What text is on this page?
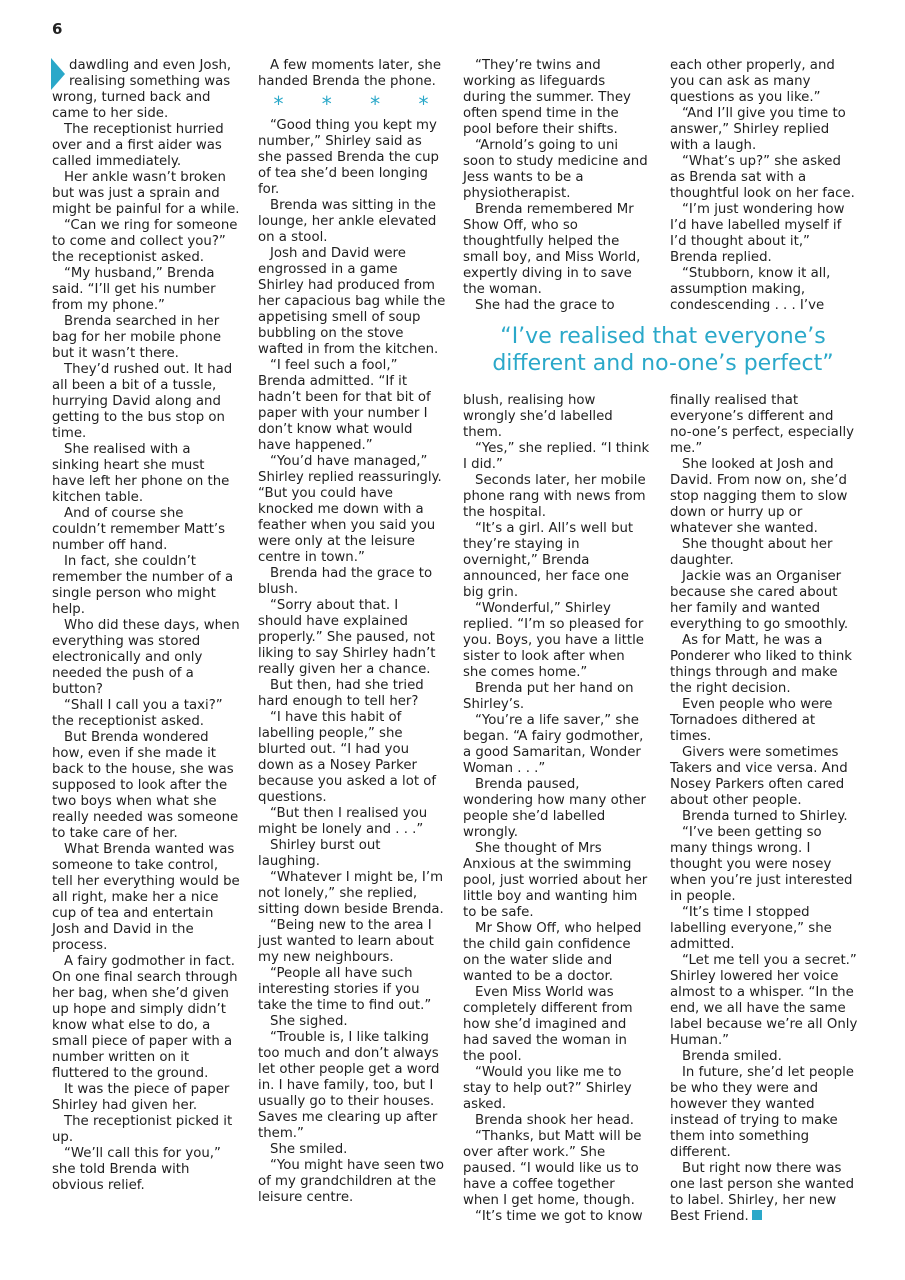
6

dawdling and even Josh, realising something was wrong, turned back and came to her side.

The receptionist hurried over and a first aider was called immediately.

Her ankle wasn’t broken but was just a sprain and might be painful for a while.

“Can we ring for someone to come and collect you?” the receptionist asked.

“My husband,” Brenda said. “I’ll get his number from my phone.”

Brenda searched in her bag for her mobile phone but it wasn’t there.

They’d rushed out. It had all been a bit of a tussle, hurrying David along and getting to the bus stop on time.

She realised with a sinking heart she must have left her phone on the kitchen table.

And of course she couldn’t remember Matt’s number off hand.

In fact, she couldn’t remember the number of a single person who might help.

Who did these days, when everything was stored electronically and only needed the push of a button?

“Shall I call you a taxi?” the receptionist asked.

But Brenda wondered how, even if she made it back to the house, she was supposed to look after the two boys when what she really needed was someone to take care of her.

What Brenda wanted was someone to take control, tell her everything would be all right, make her a nice cup of tea and entertain Josh and David in the process.

A fairy godmother in fact. On one final search through her bag, when she’d given up hope and simply didn’t know what else to do, a small piece of paper with a number written on it fluttered to the ground.

It was the piece of paper Shirley had given her.

The receptionist picked it up.

“We’ll call this for you,” she told Brenda with obvious relief.

A few moments later, she handed Brenda the phone.

* * * *

“Good thing you kept my number,” Shirley said as she passed Brenda the cup of tea she’d been longing for.

Brenda was sitting in the lounge, her ankle elevated on a stool.

Josh and David were engrossed in a game Shirley had produced from her capacious bag while the appetising smell of soup bubbling on the stove wafted in from the kitchen.

“I feel such a fool,” Brenda admitted. “If it hadn’t been for that bit of paper with your number I don’t know what would have happened.”

“You’d have managed,” Shirley replied reassuringly. “But you could have knocked me down with a feather when you said you were only at the leisure centre in town.”

Brenda had the grace to blush.

“Sorry about that. I should have explained properly.” She paused, not liking to say Shirley hadn’t really given her a chance.

But then, had she tried hard enough to tell her?

“I have this habit of labelling people,” she blurted out. “I had you down as a Nosey Parker because you asked a lot of questions.

“But then I realised you might be lonely and . . .”

Shirley burst out laughing.

“Whatever I might be, I’m not lonely,” she replied, sitting down beside Brenda.

“Being new to the area I just wanted to learn about my new neighbours.

“People all have such interesting stories if you take the time to find out.”

She sighed.

“Trouble is, I like talking too much and don’t always let other people get a word in. I have family, too, but I usually go to their houses. Saves me clearing up after them.”

She smiled.

“You might have seen two of my grandchildren at the leisure centre.

“They’re twins and working as lifeguards during the summer. They often spend time in the pool before their shifts.

“Arnold’s going to uni soon to study medicine and Jess wants to be a physiotherapist.

Brenda remembered Mr Show Off, who so thoughtfully helped the small boy, and Miss World, expertly diving in to save the woman.

She had the grace to

each other properly, and you can ask as many questions as you like.”

“And I’ll give you time to answer,” Shirley replied with a laugh.

“What’s up?” she asked as Brenda sat with a thoughtful look on her face.

“I’m just wondering how I’d have labelled myself if I’d thought about it,” Brenda replied.

“Stubborn, know it all, assumption making, condescending . . . I’ve

“I’ve realised that everyone’s different and no-one’s perfect”

blush, realising how wrongly she’d labelled them.

“Yes,” she replied. “I think I did.”

Seconds later, her mobile phone rang with news from the hospital.

“It’s a girl. All’s well but they’re staying in overnight,” Brenda announced, her face one big grin.

“Wonderful,” Shirley replied. “I’m so pleased for you. Boys, you have a little sister to look after when she comes home.”

Brenda put her hand on Shirley’s.

“You’re a life saver,” she began. “A fairy godmother, a good Samaritan, Wonder Woman . . .”

Brenda paused, wondering how many other people she’d labelled wrongly.

She thought of Mrs Anxious at the swimming pool, just worried about her little boy and wanting him to be safe.

Mr Show Off, who helped the child gain confidence on the water slide and wanted to be a doctor.

Even Miss World was completely different from how she’d imagined and had saved the woman in the pool.

“Would you like me to stay to help out?” Shirley asked.

Brenda shook her head.

“Thanks, but Matt will be over after work.” She paused. “I would like us to have a coffee together when I get home, though.

“It’s time we got to know

finally realised that everyone’s different and no-one’s perfect, especially me.”

She looked at Josh and David. From now on, she’d stop nagging them to slow down or hurry up or whatever she wanted.

She thought about her daughter.

Jackie was an Organiser because she cared about her family and wanted everything to go smoothly.

As for Matt, he was a Ponderer who liked to think things through and make the right decision.

Even people who were Tornadoes dithered at times.

Givers were sometimes Takers and vice versa. And Nosey Parkers often cared about other people.

Brenda turned to Shirley.

“I’ve been getting so many things wrong. I thought you were nosey when you’re just interested in people.

“It’s time I stopped labelling everyone,” she admitted.

“Let me tell you a secret.” Shirley lowered her voice almost to a whisper. “In the end, we all have the same label because we’re all Only Human.”

Brenda smiled.

In future, she’d let people be who they were and however they wanted instead of trying to make them into something different.

But right now there was one last person she wanted to label. Shirley, her new Best Friend.
